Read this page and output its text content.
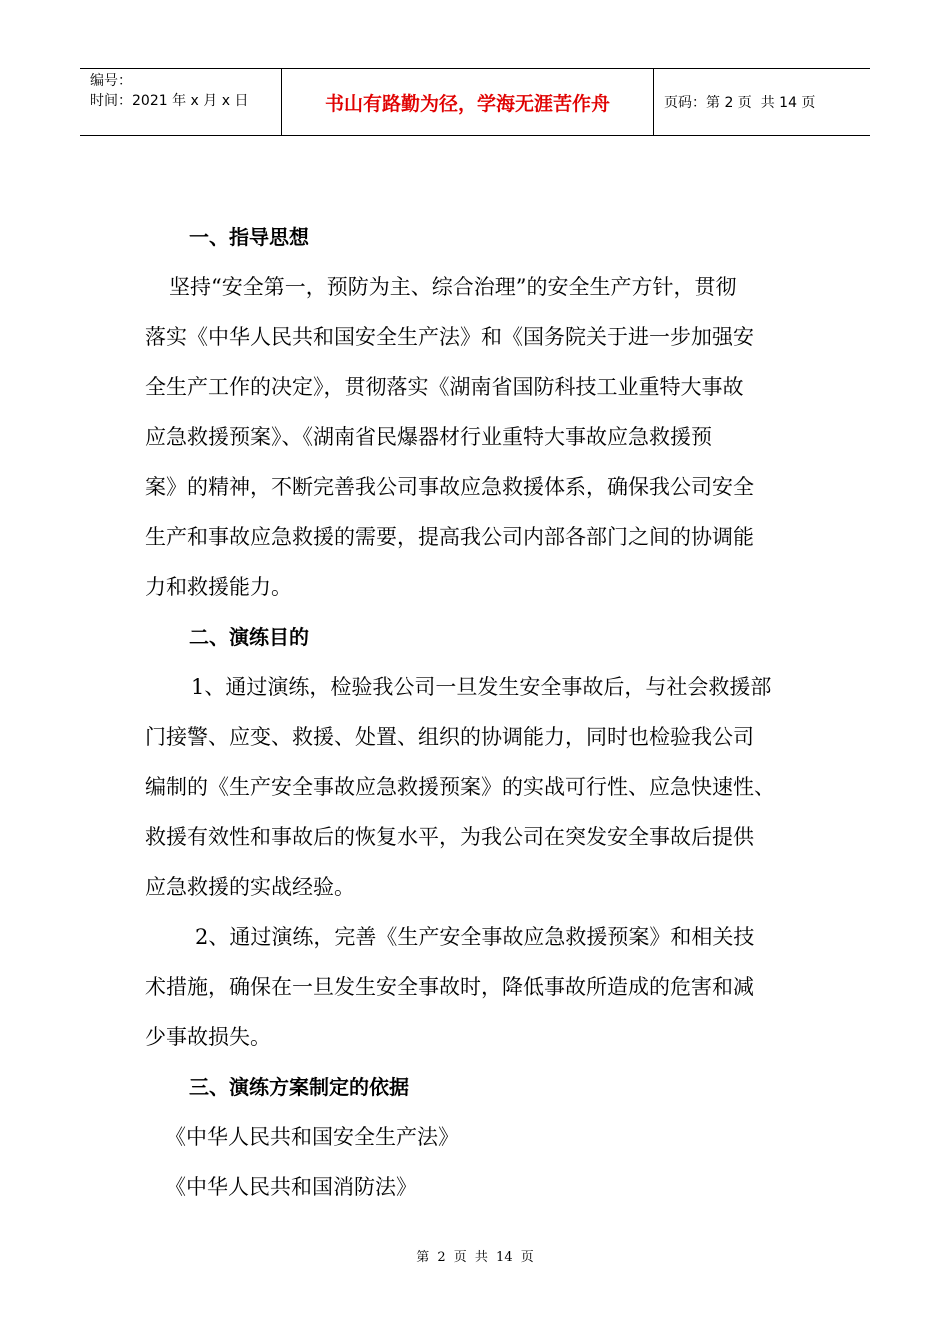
编号：
时间：2021 年 x 月 x 日	书山有路勤为径，学海无涯苦作舟	页码：第 2 页  共 14 页
一、指导思想
坚持“安全第一，预防为主、综合治理”的安全生产方针，贯彻
落实《中华人民共和国安全生产法》和《国务院关于进一步加强安
全生产工作的决定》，贯彻落实《湖南省国防科技工业重特大事故
应急救援预案》、《湖南省民爆器材行业重特大事故应急救援预
案》的精神，不断完善我公司事故应急救援体系，确保我公司安全
生产和事故应急救援的需要，提高我公司内部各部门之间的协调能
力和救援能力。
二、演练目的
1、通过演练，检验我公司一旦发生安全事故后，与社会救援部
门接警、应变、救援、处置、组织的协调能力，同时也检验我公司
编制的《生产安全事故应急救援预案》的实战可行性、应急快速性、
救援有效性和事故后的恢复水平，为我公司在突发安全事故后提供
应急救援的实战经验。
2、通过演练，完善《生产安全事故应急救援预案》和相关技
术措施，确保在一旦发生安全事故时，降低事故所造成的危害和减
少事故损失。
三、演练方案制定的依据
《中华人民共和国安全生产法》
《中华人民共和国消防法》
第 2 页 共 14 页
